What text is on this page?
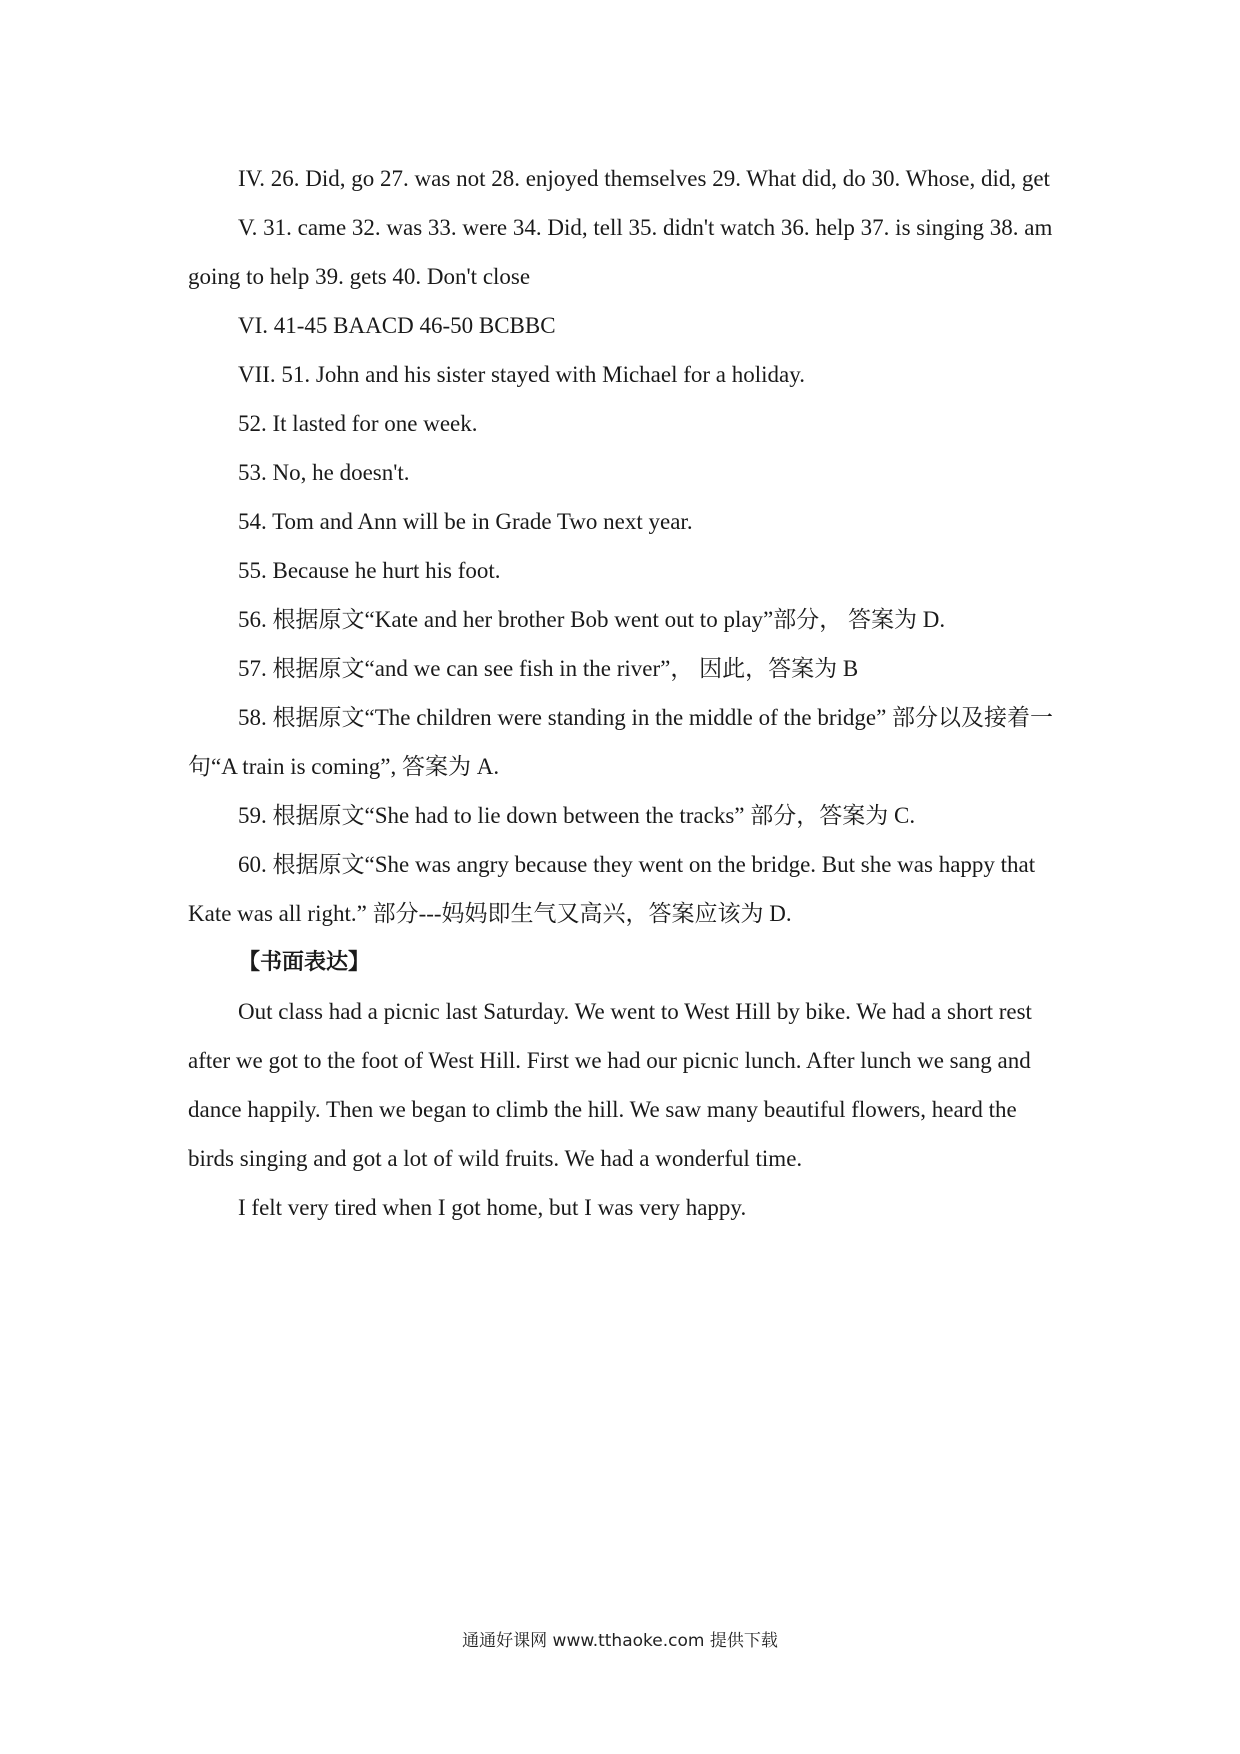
IV. 26. Did, go 27. was not 28. enjoyed themselves 29. What did, do 30. Whose, did, get

V. 31. came 32. was 33. were 34. Did, tell 35. didn't watch 36. help 37. is singing 38. am going to help 39. gets 40. Don't close

VI. 41-45 BAACD 46-50 BCBBC

VII. 51. John and his sister stayed with Michael for a holiday.

52. It lasted for one week.

53. No, he doesn't.

54. Tom and Ann will be in Grade Two next year.

55. Because he hurt his foot.

56. 根据原文“Kate and her brother Bob went out to play”部分， 答案为 D.

57. 根据原文“and we can see fish in the river”， 因此，答案为 B

58. 根据原文“The children were standing in the middle of the bridge” 部分以及接着一句“A train is coming”, 答案为 A.

59. 根据原文“She had to lie down between the tracks” 部分，答案为 C.

60. 根据原文“She was angry because they went on the bridge. But she was happy that Kate was all right.” 部分---妈妈即生气又高兴，答案应该为 D.

【书面表达】

Out class had a picnic last Saturday. We went to West Hill by bike. We had a short rest after we got to the foot of West Hill. First we had our picnic lunch. After lunch we sang and dance happily. Then we began to climb the hill. We saw many beautiful flowers, heard the birds singing and got a lot of wild fruits. We had a wonderful time.

I felt very tired when I got home, but I was very happy.

通通好课网 www.tthaoke.com 提供下载
